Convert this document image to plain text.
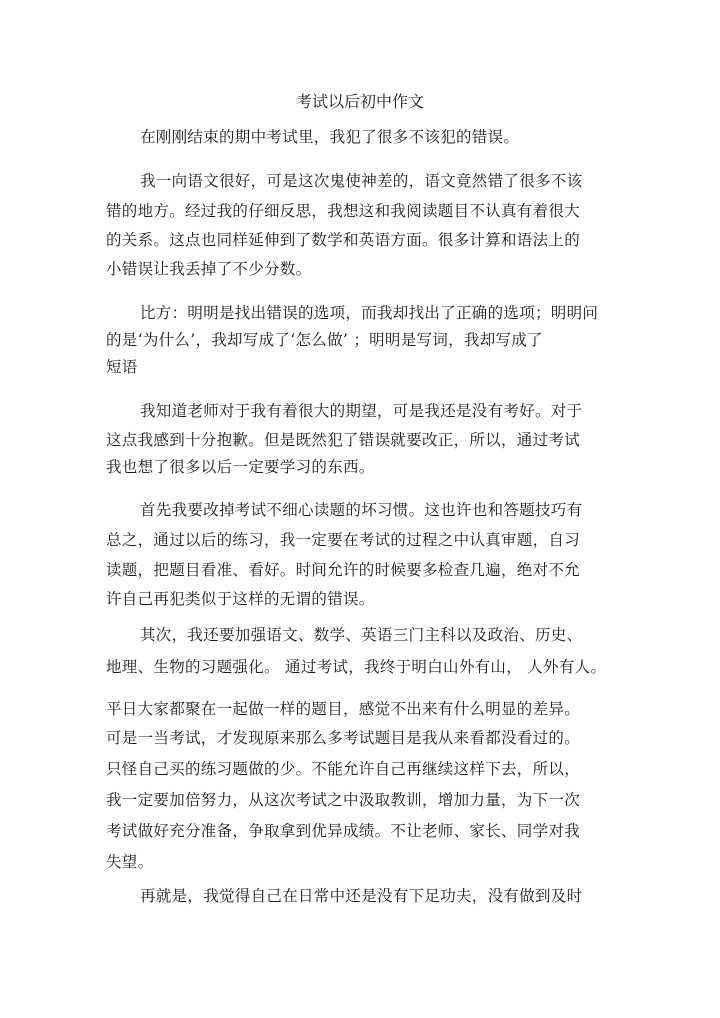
考试以后初中作文
在刚刚结束的期中考试里，我犯了很多不该犯的错误。
我一向语文很好，可是这次鬼使神差的，语文竟然错了很多不该
错的地方。经过我的仔细反思，我想这和我阅读题目不认真有着很大
的关系。这点也同样延伸到了数学和英语方面。很多计算和语法上的
小错误让我丢掉了不少分数。
比方：明明是找出错误的选项，而我却找出了正确的选项；明明问
的是‘为什么’，我却写成了‘怎么做’ ；明明是写词，我却写成了
短语
我知道老师对于我有着很大的期望，可是我还是没有考好。对于
这点我感到十分抱歉。但是既然犯了错误就要改正，所以，通过考试
我也想了很多以后一定要学习的东西。
首先我要改掉考试不细心读题的坏习惯。这也许也和答题技巧有
总之，通过以后的练习，我一定要在考试的过程之中认真审题，自习
读题，把题目看准、看好。时间允许的时候要多检查几遍，绝对不允
许自己再犯类似于这样的无谓的错误。
其次，我还要加强语文、数学、英语三门主科以及政治、历史、
地理、生物的习题强化。 通过考试，我终于明白山外有山， 人外有人。
平日大家都聚在一起做一样的题目，感觉不出来有什么明显的差异。
可是一当考试，才发现原来那么多考试题目是我从来看都没看过的。
只怪自己买的练习题做的少。不能允许自己再继续这样下去，所以，
我一定要加倍努力，从这次考试之中汲取教训，增加力量，为下一次
考试做好充分准备，争取拿到优异成绩。不让老师、家长、同学对我
失望。
再就是，我觉得自己在日常中还是没有下足功夫，没有做到及时
